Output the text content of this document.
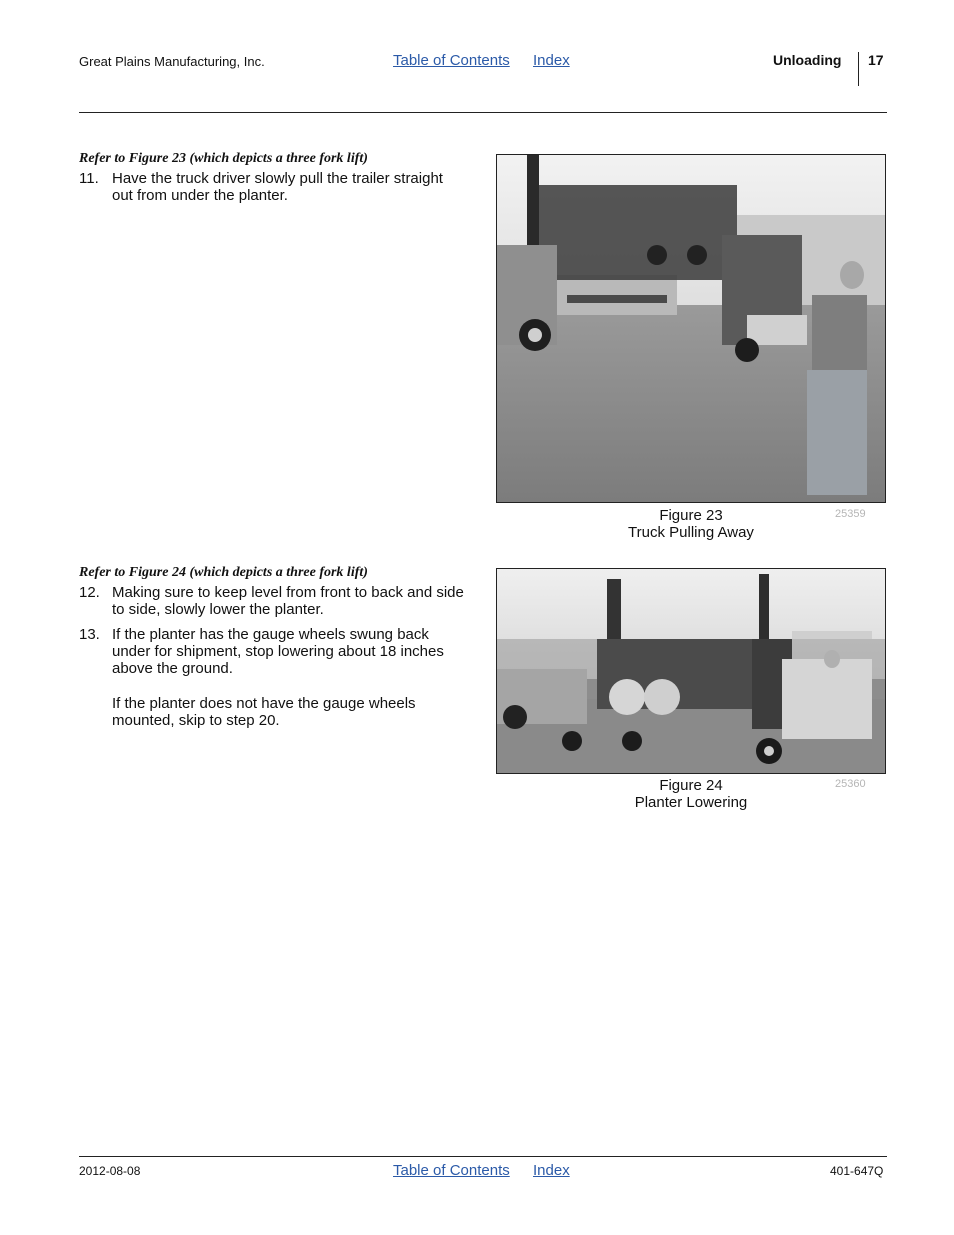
Great Plains Manufacturing, Inc.	Table of Contents Index	Unloading 17
Refer to Figure 23 (which depicts a three fork lift)
11. Have the truck driver slowly pull the trailer straight out from under the planter.
Figure 23
Truck Pulling Away
25359
Refer to Figure 24 (which depicts a three fork lift)
12. Making sure to keep level from front to back and side to side, slowly lower the planter.
13. If the planter has the gauge wheels swung back under for shipment, stop lowering about 18 inches above the ground.
If the planter does not have the gauge wheels mounted, skip to step 20.
Figure 24
Planter Lowering
25360
2012-08-08	Table of Contents Index	401-647Q
